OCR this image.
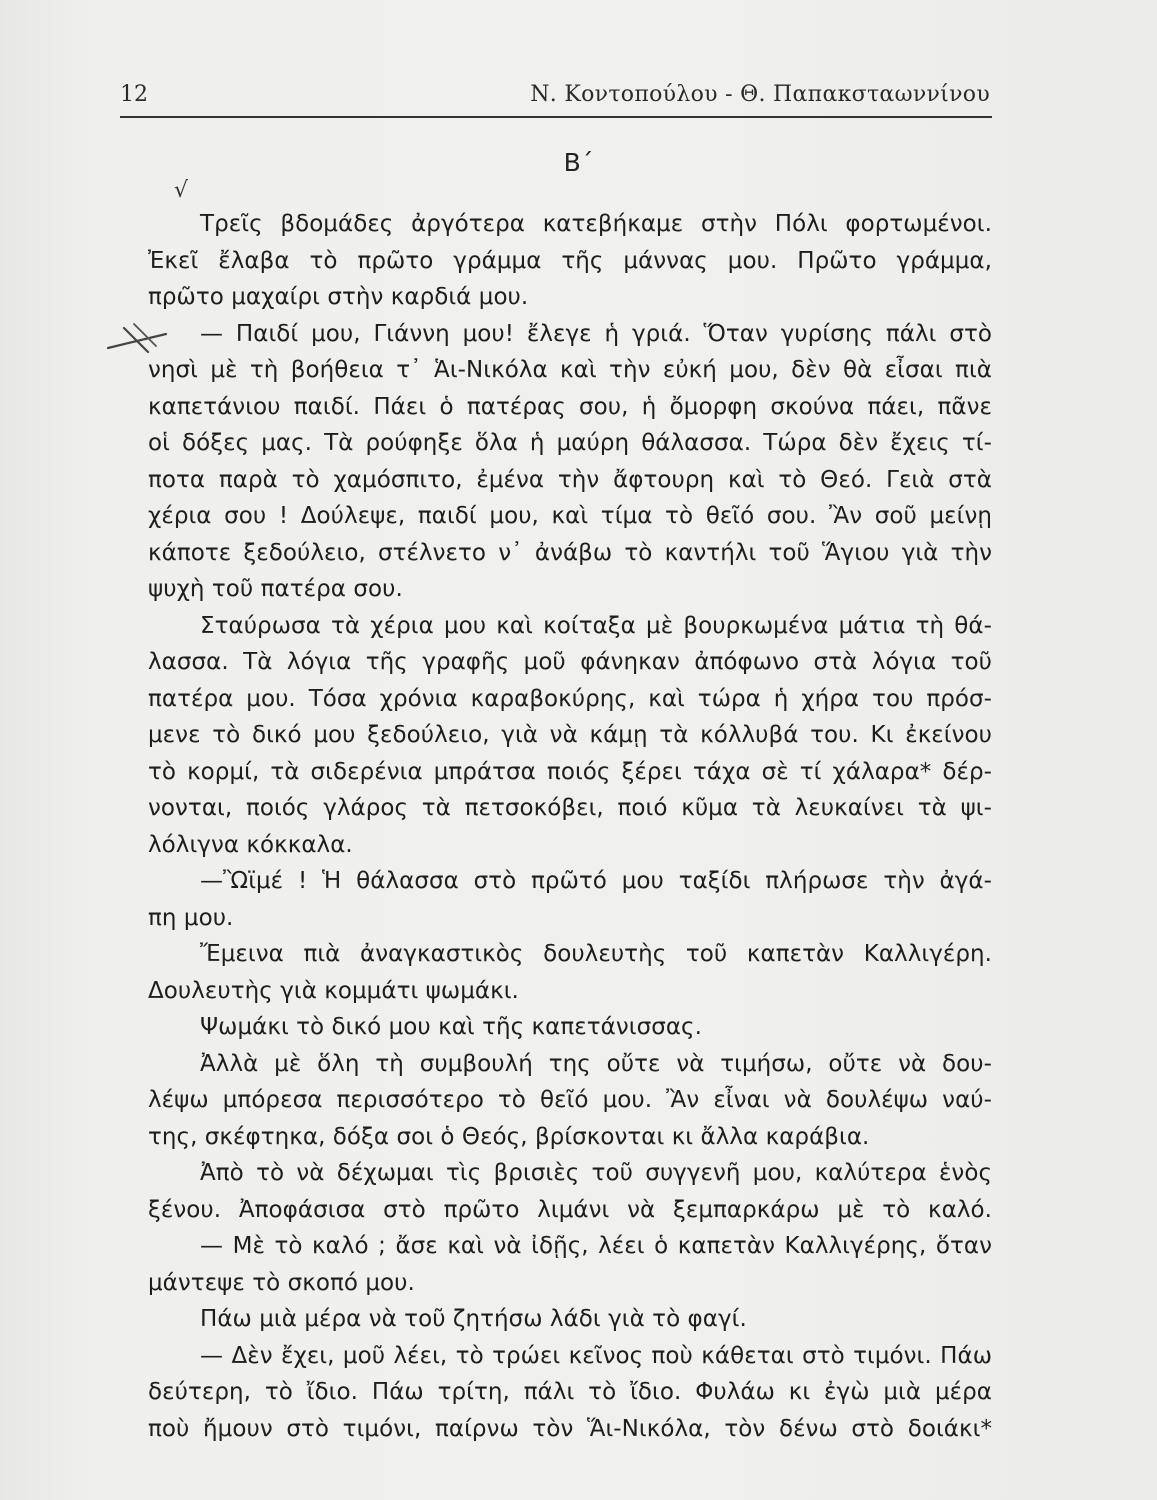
12	Ν. Κοντοπούλου - Θ. Παπακσταωννίνου
Β΄
√
Τρεῖς βδομάδες ἀργότερα κατεβήκαμε στὴν Πόλι φορτωμένοι.
Ἐκεῖ ἔλαβα τὸ πρῶτο γράμμα τῆς μάννας μου. Πρῶτο γράμμα,
πρῶτο μαχαίρι στὴν καρδιά μου.
— Παιδί μου, Γιάννη μου! ἔλεγε ἡ γριά. Ὅταν γυρίσης πάλι στὸ
νησὶ μὲ τὴ βοήθεια τ᾿ Ἁι-Νικόλα καὶ τὴν εὐκή μου, δὲν θὰ εἶσαι πιὰ
καπετάνιου παιδί. Πάει ὁ πατέρας σου, ἡ ὄμορφη σκούνα πάει, πᾶνε
οἱ δόξες μας. Τὰ ρούφηξε ὅλα ἡ μαύρη θάλασσα. Τώρα δὲν ἔχεις τί-
ποτα παρὰ τὸ χαμόσπιτο, ἐμένα τὴν ἄφτουρη καὶ τὸ Θεό. Γειὰ στὰ
χέρια σου ! Δούλεψε, παιδί μου, καὶ τίμα τὸ θεῖό σου. Ἂν σοῦ μείνῃ
κάποτε ξεδούλειο, στέλνετο ν᾿ ἀνάβω τὸ καντήλι τοῦ Ἅγιου γιὰ τὴν
ψυχὴ τοῦ πατέρα σου.
Σταύρωσα τὰ χέρια μου καὶ κοίταξα μὲ βουρκωμένα μάτια τὴ θά-
λασσα. Τὰ λόγια τῆς γραφῆς μοῦ φάνηκαν ἀπόφωνο στὰ λόγια τοῦ
πατέρα μου. Τόσα χρόνια καραβοκύρης, καὶ τώρα ἡ χήρα του πρόσ-
μενε τὸ δικό μου ξεδούλειο, γιὰ νὰ κάμῃ τὰ κόλλυβά του. Κι ἐκείνου
τὸ κορμί, τὰ σιδερένια μπράτσα ποιός ξέρει τάχα σὲ τί χάλαρα* δέρ-
νονται, ποιός γλάρος τὰ πετσοκόβει, ποιό κῦμα τὰ λευκαίνει τὰ ψι-
λόλιγνα κόκκαλα.
—Ὢϊμέ ! Ἡ θάλασσα στὸ πρῶτό μου ταξίδι πλήρωσε τὴν ἀγά-
πη μου.
Ἔμεινα πιὰ ἀναγκαστικὸς δουλευτὴς τοῦ καπετὰν Καλλιγέρη.
Δουλευτὴς γιὰ κομμάτι ψωμάκι.
Ψωμάκι τὸ δικό μου καὶ τῆς καπετάνισσας.
Ἀλλὰ μὲ ὅλη τὴ συμβουλή της οὔτε νὰ τιμήσω, οὔτε νὰ δου-
λέψω μπόρεσα περισσότερο τὸ θεῖό μου. Ἂν εἶναι νὰ δουλέψω ναύ-
της, σκέφτηκα, δόξα σοι ὁ Θεός, βρίσκονται κι ἄλλα καράβια.
Ἀπὸ τὸ νὰ δέχωμαι τὶς βρισιὲς τοῦ συγγενῆ μου, καλύτερα ἑνὸς
ξένου. Ἀποφάσισα στὸ πρῶτο λιμάνι νὰ ξεμπαρκάρω μὲ τὸ καλό.
— Μὲ τὸ καλό ; ἄσε καὶ νὰ ἰδῇς, λέει ὁ καπετὰν Καλλιγέρης, ὅταν
μάντεψε τὸ σκοπό μου.
Πάω μιὰ μέρα νὰ τοῦ ζητήσω λάδι γιὰ τὸ φαγί.
— Δὲν ἔχει, μοῦ λέει, τὸ τρώει κεῖνος ποὺ κάθεται στὸ τιμόνι. Πάω
δεύτερη, τὸ ἴδιο. Πάω τρίτη, πάλι τὸ ἴδιο. Φυλάω κι ἐγὼ μιὰ μέρα
ποὺ ἤμουν στὸ τιμόνι, παίρνω τὸν Ἅι-Νικόλα, τὸν δένω στὸ δοιάκι*
